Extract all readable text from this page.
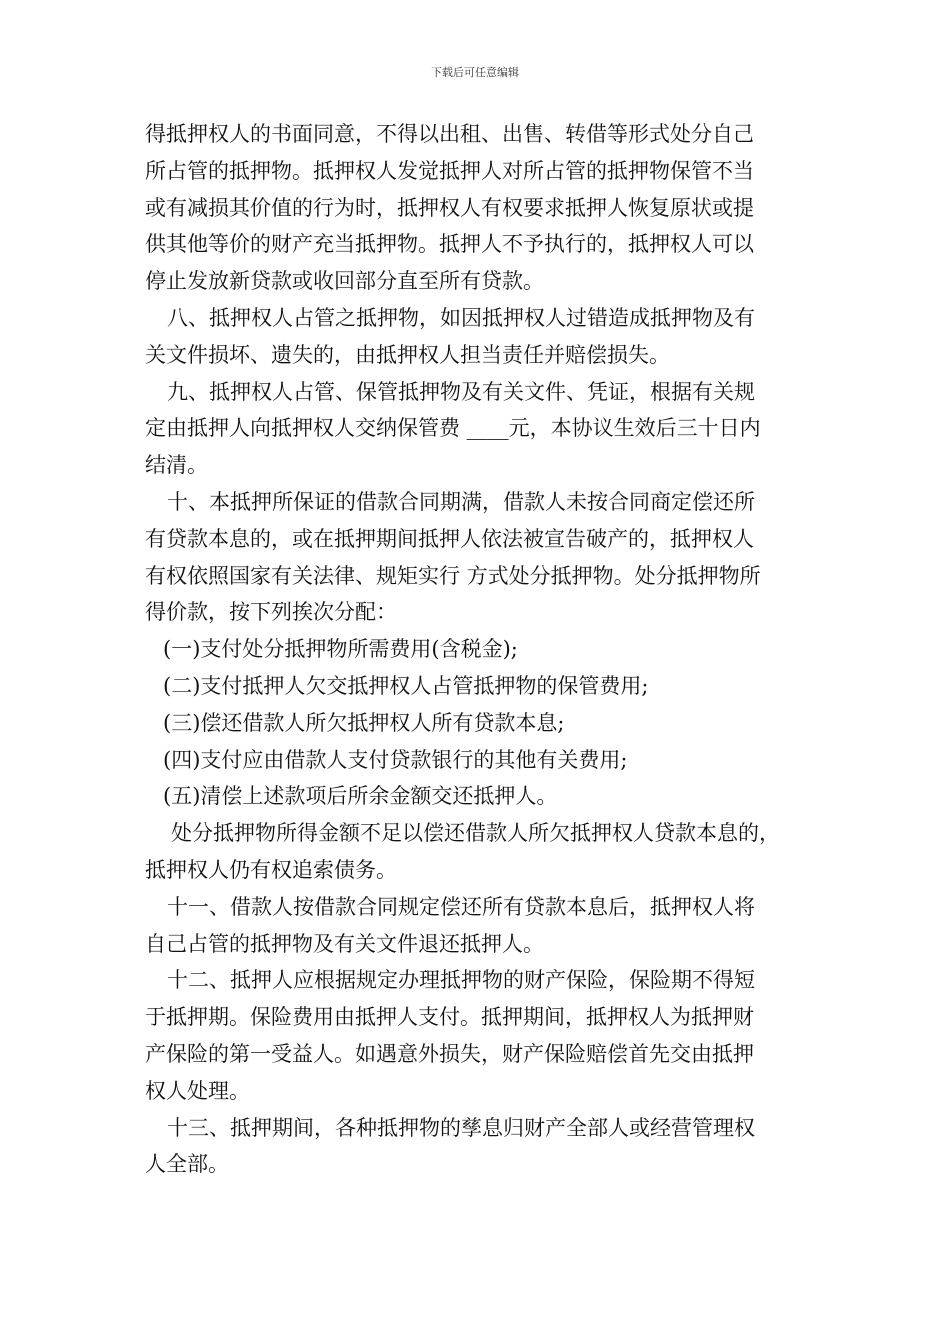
下载后可任意编辑
得抵押权人的书面同意，不得以出租、出售、转借等形式处分自己
所占管的抵押物。抵押权人发觉抵押人对所占管的抵押物保管不当
或有减损其价值的行为时，抵押权人有权要求抵押人恢复原状或提
供其他等价的财产充当抵押物。抵押人不予执行的，抵押权人可以
停止发放新贷款或收回部分直至所有贷款。
八、抵押权人占管之抵押物，如因抵押权人过错造成抵押物及有
关文件损坏、遗失的，由抵押权人担当责任并赔偿损失。
九、抵押权人占管、保管抵押物及有关文件、凭证，根据有关规
定由抵押人向抵押权人交纳保管费 ____元，本协议生效后三十日内
结清。
十、本抵押所保证的借款合同期满，借款人未按合同商定偿还所
有贷款本息的，或在抵押期间抵押人依法被宣告破产的，抵押权人
有权依照国家有关法律、规矩实行 方式处分抵押物。处分抵押物所
得价款，按下列挨次分配：
(一)支付处分抵押物所需费用(含税金);
(二)支付抵押人欠交抵押权人占管抵押物的保管费用;
(三)偿还借款人所欠抵押权人所有贷款本息;
(四)支付应由借款人支付贷款银行的其他有关费用;
(五)清偿上述款项后所余金额交还抵押人。
处分抵押物所得金额不足以偿还借款人所欠抵押权人贷款本息的，
抵押权人仍有权追索债务。
十一、借款人按借款合同规定偿还所有贷款本息后，抵押权人将
自己占管的抵押物及有关文件退还抵押人。
十二、抵押人应根据规定办理抵押物的财产保险，保险期不得短
于抵押期。保险费用由抵押人支付。抵押期间，抵押权人为抵押财
产保险的第一受益人。如遇意外损失，财产保险赔偿首先交由抵押
权人处理。
十三、抵押期间，各种抵押物的孳息归财产全部人或经营管理权
人全部。
